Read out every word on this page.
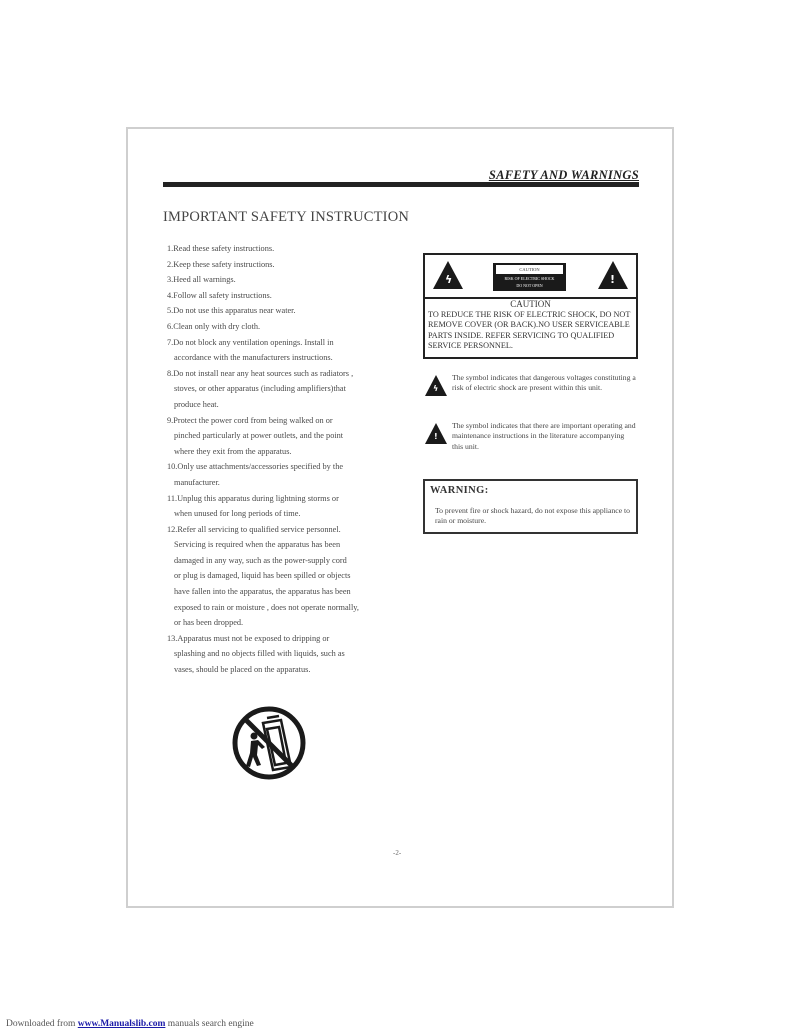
SAFETY AND WARNINGS
IMPORTANT SAFETY INSTRUCTION
1.Read these safety instructions.
2.Keep these safety instructions.
3.Heed all warnings.
4.Follow all safety instructions.
5.Do not use this apparatus near water.
6.Clean only with dry cloth.
7.Do not block any ventilation openings. Install in
accordance with the manufacturers instructions.
8.Do not install near any heat sources such as radiators ,
stoves, or other apparatus (including amplifiers)that
produce heat.
9.Protect the power cord from being walked on or
pinched particularly at power outlets, and the point
where they exit from the apparatus.
10.Only use attachments/accessories specified by the
manufacturer.
11.Unplug this apparatus during lightning storms or
when unused for long periods of time.
12.Refer all servicing to qualified service personnel.
Servicing is required when the apparatus has been
damaged in any way, such as the power-supply cord
or plug is damaged, liquid has been spilled or objects
have fallen into the apparatus, the apparatus has been
exposed to rain or moisture , does not operate normally,
or has been dropped.
13.Apparatus must not be exposed to dripping or
splashing and no objects filled with liquids, such as
vases, should be placed on the apparatus.
ϟ
CAUTION
RISK OF ELECTRIC SHOCK
DO NOT OPEN	!
CAUTION
TO REDUCE THE RISK OF ELECTRIC SHOCK, DO NOT REMOVE COVER (OR BACK).NO USER SERVICEABLE PARTS INSIDE. REFER SERVICING TO QUALIFIED SERVICE PERSONNEL.
ϟ
The symbol indicates that dangerous voltages constituting a risk of electric shock are present within this unit.
!
The symbol indicates that there are important operating and maintenance instructions in the literature accompanying this unit.
WARNING:
To prevent fire or shock hazard, do not expose this appliance to rain or moisture.
-2-
Downloaded from www.Manualslib.com manuals search engine
